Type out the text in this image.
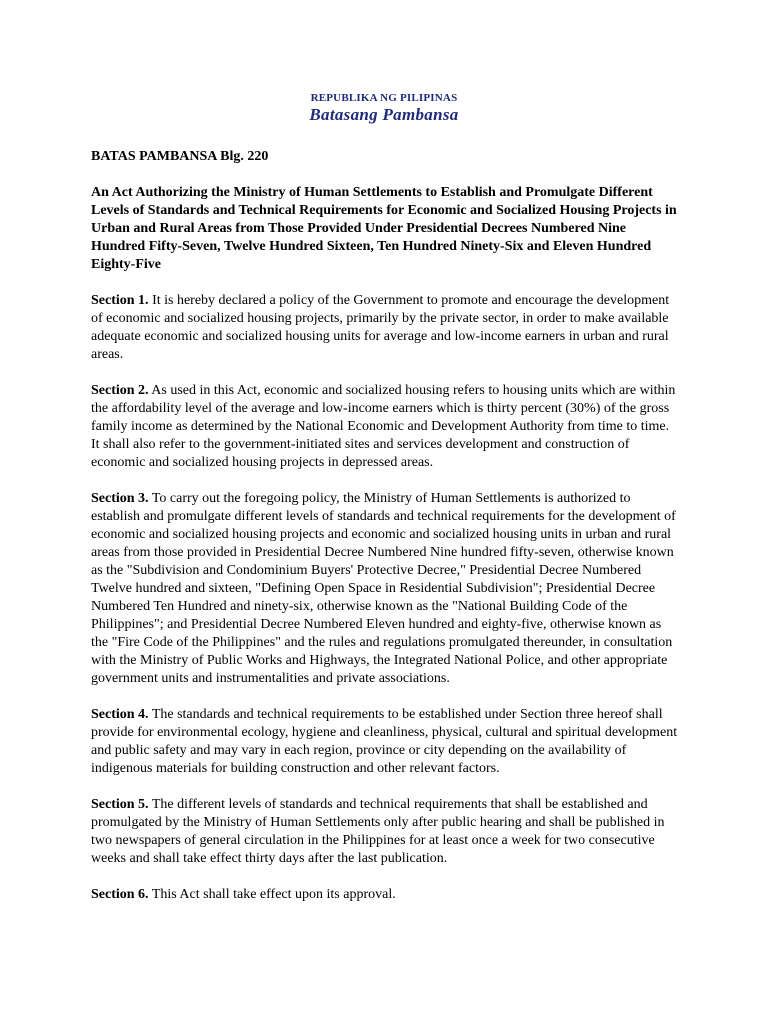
REPUBLIKA NG PILIPINAS
Batasang Pambansa

BATAS PAMBANSA Blg. 220

An Act Authorizing the Ministry of Human Settlements to Establish and Promulgate Different Levels of Standards and Technical Requirements for Economic and Socialized Housing Projects in Urban and Rural Areas from Those Provided Under Presidential Decrees Numbered Nine Hundred Fifty-Seven, Twelve Hundred Sixteen, Ten Hundred Ninety-Six and Eleven Hundred Eighty-Five

Section 1. It is hereby declared a policy of the Government to promote and encourage the development of economic and socialized housing projects, primarily by the private sector, in order to make available adequate economic and socialized housing units for average and low-income earners in urban and rural areas.

Section 2. As used in this Act, economic and socialized housing refers to housing units which are within the affordability level of the average and low-income earners which is thirty percent (30%) of the gross family income as determined by the National Economic and Development Authority from time to time. It shall also refer to the government-initiated sites and services development and construction of economic and socialized housing projects in depressed areas.

Section 3. To carry out the foregoing policy, the Ministry of Human Settlements is authorized to establish and promulgate different levels of standards and technical requirements for the development of economic and socialized housing projects and economic and socialized housing units in urban and rural areas from those provided in Presidential Decree Numbered Nine hundred fifty-seven, otherwise known as the "Subdivision and Condominium Buyers' Protective Decree," Presidential Decree Numbered Twelve hundred and sixteen, "Defining Open Space in Residential Subdivision"; Presidential Decree Numbered Ten Hundred and ninety-six, otherwise known as the "National Building Code of the Philippines"; and Presidential Decree Numbered Eleven hundred and eighty-five, otherwise known as the "Fire Code of the Philippines" and the rules and regulations promulgated thereunder, in consultation with the Ministry of Public Works and Highways, the Integrated National Police, and other appropriate government units and instrumentalities and private associations.

Section 4. The standards and technical requirements to be established under Section three hereof shall provide for environmental ecology, hygiene and cleanliness, physical, cultural and spiritual development and public safety and may vary in each region, province or city depending on the availability of indigenous materials for building construction and other relevant factors.

Section 5. The different levels of standards and technical requirements that shall be established and promulgated by the Ministry of Human Settlements only after public hearing and shall be published in two newspapers of general circulation in the Philippines for at least once a week for two consecutive weeks and shall take effect thirty days after the last publication.

Section 6. This Act shall take effect upon its approval.
